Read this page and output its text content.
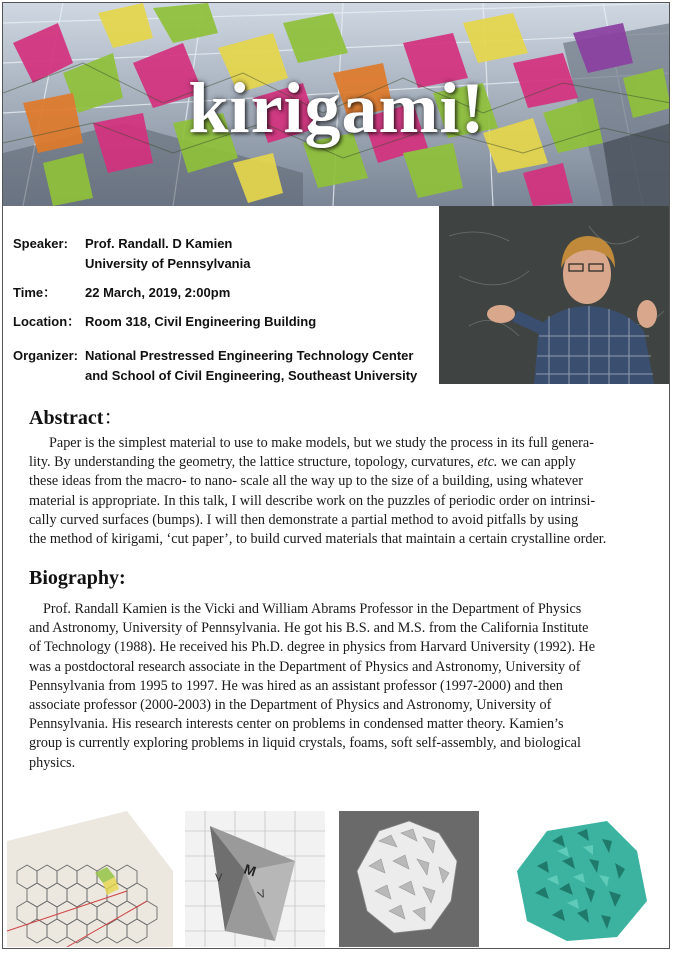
kirigami!
Speaker:	Prof. Randall. D Kamien
University of Pennsylvania
Time：	22 March, 2019, 2:00pm
Location： Room 318, Civil Engineering Building
Organizer: National Prestressed Engineering Technology Center
and School of Civil Engineering, Southeast University
Abstract：
Paper is the simplest material to use to make models, but we study the process in its full genera-
lity. By understanding the geometry, the lattice structure, topology, curvatures, etc. we can apply
these ideas from the macro- to nano- scale all the way up to the size of a building, using whatever
material is appropriate. In this talk, I will describe work on the puzzles of periodic order on intrinsi-
cally curved surfaces (bumps). I will then demonstrate a partial method to avoid pitfalls by using
the method of kirigami, ‘cut paper’, to build curved materials that maintain a certain crystalline order.
Biography:
Prof. Randall Kamien is the Vicki and William Abrams Professor in the Department of Physics
and Astronomy, University of Pennsylvania. He got his B.S. and M.S. from the California Institute
of Technology (1988). He received his Ph.D. degree in physics from Harvard University (1992). He
was a postdoctoral research associate in the Department of Physics and Astronomy, University of
Pennsylvania from 1995 to 1997. He was hired as an assistant professor (1997-2000) and then
associate professor (2000-2003) in the Department of Physics and Astronomy, University of
Pennsylvania. His research interests center on problems in condensed matter theory. Kamien’s
group is currently exploring problems in liquid crystals, foams, soft self-assembly, and biological
physics.
M
V
V
